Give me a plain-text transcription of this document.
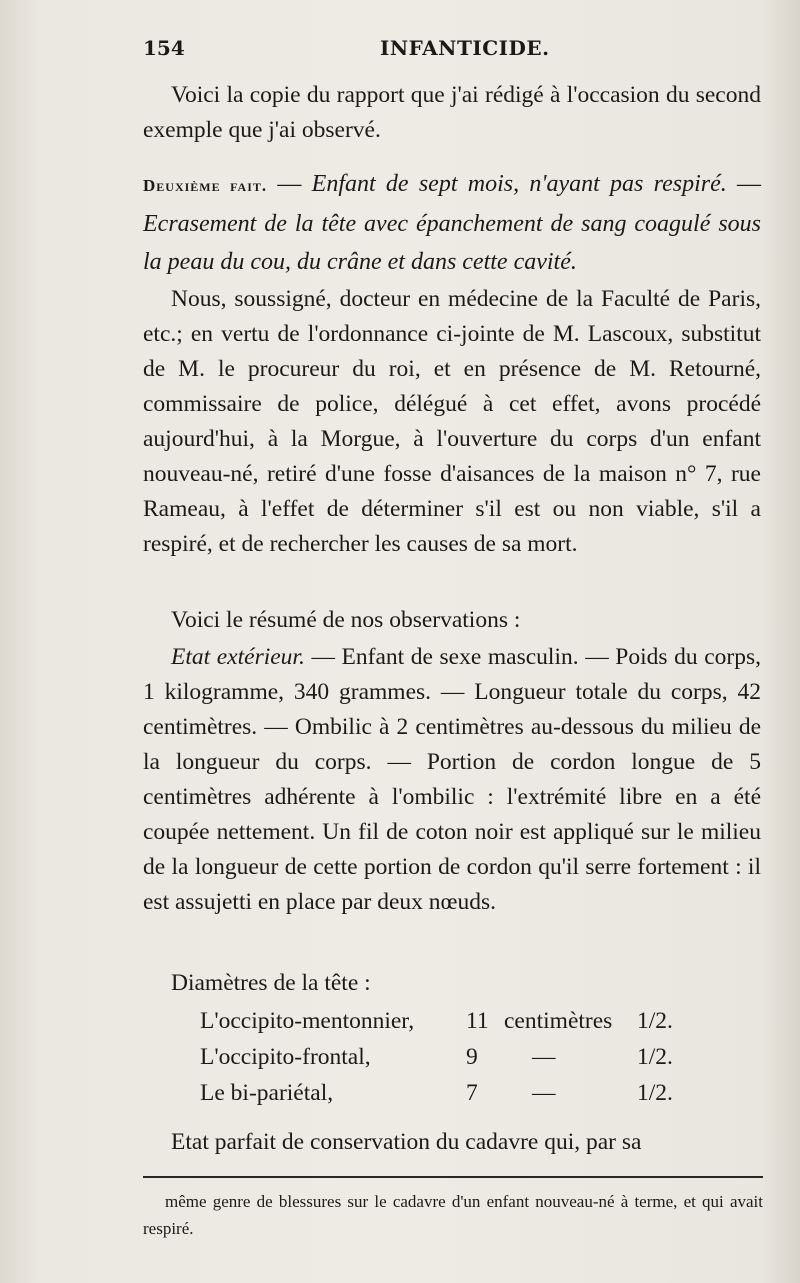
154	INFANTICIDE.

Voici la copie du rapport que j'ai rédigé à l'occasion du second exemple que j'ai observé.

Deuxième fait. — Enfant de sept mois, n'ayant pas respiré. — Ecrasement de la tête avec épanchement de sang coagulé sous la peau du cou, du crâne et dans cette cavité.

Nous, soussigné, docteur en médecine de la Faculté de Paris, etc.; en vertu de l'ordonnance ci-jointe de M. Lascoux, substitut de M. le procureur du roi, et en présence de M. Retourné, commissaire de police, délégué à cet effet, avons procédé aujourd'hui, à la Morgue, à l'ouverture du corps d'un enfant nouveau-né, retiré d'une fosse d'aisances de la maison n° 7, rue Rameau, à l'effet de déterminer s'il est ou non viable, s'il a respiré, et de rechercher les causes de sa mort.

Voici le résumé de nos observations :

Etat extérieur. — Enfant de sexe masculin. — Poids du corps, 1 kilogramme, 340 grammes. — Longueur totale du corps, 42 centimètres. — Ombilic à 2 centimètres au-dessous du milieu de la longueur du corps. — Portion de cordon longue de 5 centimètres adhérente à l'ombilic : l'extrémité libre en a été coupée nettement. Un fil de coton noir est appliqué sur le milieu de la longueur de cette portion de cordon qu'il serre fortement : il est assujetti en place par deux nœuds.

Diamètres de la tête :

L'occipito-mentonnier, 11 centimètres 1/2.
L'occipito-frontal,	9 —	1/2.
Le bi-pariétal,	7 —	1/2.

Etat parfait de conservation du cadavre qui, par sa

même genre de blessures sur le cadavre d'un enfant nouveau-né à terme, et qui avait respiré.
